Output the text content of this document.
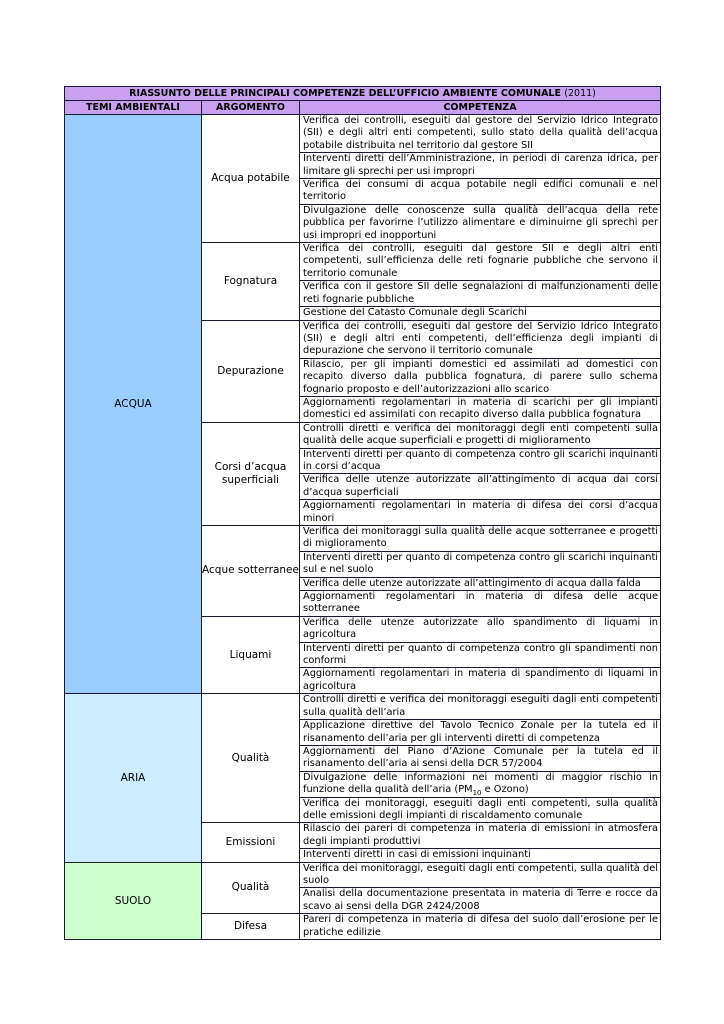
RIASSUNTO DELLE PRINCIPALI COMPETENZE DELL’UFFICIO AMBIENTE COMUNALE (2011)		
TEMI AMBIENTALI	ARGOMENTO	COMPETENZA
ACQUA	Acqua potabile	Verifica dei controlli, eseguiti dal gestore del Servizio Idrico Integrato (SII) e degli altri enti competenti, sullo stato della qualità dell’acqua potabile distribuita nel territorio dal gestore SII
		Interventi diretti dell’Amministrazione, in periodi di carenza idrica, per limitare gli sprechi per usi impropri
		Verifica dei consumi di acqua potabile negli edifici comunali e nel territorio
		Divulgazione delle conoscenze sulla qualità dell’acqua della rete pubblica per favorirne l’utilizzo alimentare e diminuirne gli sprechi per usi impropri ed inopportuni
	Fognatura	Verifica dei controlli, eseguiti dal gestore SII e degli altri enti competenti, sull’efficienza delle reti fognarie pubbliche che servono il territorio comunale
		Verifica con il gestore SII delle segnalazioni di malfunzionamenti delle reti fognarie pubbliche
		Gestione del Catasto Comunale degli Scarichi
	Depurazione	Verifica dei controlli, eseguiti dal gestore del Servizio Idrico Integrato (SII) e degli altri enti competenti, dell’efficienza degli impianti di depurazione che servono il territorio comunale
		Rilascio, per gli impianti domestici ed assimilati ad domestici con recapito diverso dalla pubblica fognatura, di parere sullo schema fognario proposto e dell’autorizzazioni allo scarico
		Aggiornamenti regolamentari in materia di scarichi per gli impianti domestici ed assimilati con recapito diverso dalla pubblica fognatura
	Corsi d’acqua superficiali	Controlli diretti e verifica dei monitoraggi degli enti competenti sulla qualità delle acque superficiali e progetti di miglioramento
		Interventi diretti per quanto di competenza contro gli scarichi inquinanti in corsi d’acqua
		Verifica delle utenze autorizzate all’attingimento di acqua dai corsi d’acqua superficiali
		Aggiornamenti regolamentari in materia di difesa dei corsi d’acqua minori
	Acque sotterranee	Verifica dei monitoraggi sulla qualità delle acque sotterranee e progetti di miglioramento
		Interventi diretti per quanto di competenza contro gli scarichi inquinanti sul e nel suolo
		Verifica delle utenze autorizzate all’attingimento di acqua dalla falda
		Aggiornamenti regolamentari in materia di difesa delle acque sotterranee
	Liquami	Verifica delle utenze autorizzate allo spandimento di liquami in agricoltura
		Interventi diretti per quanto di competenza contro gli spandimenti non conformi
		Aggiornamenti regolamentari in materia di spandimento di liquami in agricoltura
ARIA	Qualità	Controlli diretti e verifica dei monitoraggi eseguiti dagli enti competenti sulla qualità dell’aria
		Applicazione direttive del Tavolo Tecnico Zonale per la tutela ed il risanamento dell’aria per gli interventi diretti di competenza
		Aggiornamenti del Piano d’Azione Comunale per la tutela ed il risanamento dell’aria ai sensi della DCR 57/2004
		Divulgazione delle informazioni nei momenti di maggior rischio in funzione della qualità dell’aria ($PM_{10}$ e Ozono)
		Verifica dei monitoraggi, eseguiti dagli enti competenti, sulla qualità delle emissioni degli impianti di riscaldamento comunale
	Emissioni	Rilascio dei pareri di competenza in materia di emissioni in atmosfera degli impianti produttivi
		Interventi diretti in casi di emissioni inquinanti
SUOLO	Qualità	Verifica dei monitoraggi, eseguiti dagli enti competenti, sulla qualità del suolo
		Analisi della documentazione presentata in materia di Terre e rocce da scavo ai sensi della DGR 2424/2008
	Difesa	Pareri di competenza in materia di difesa del suolo dall’erosione per le pratiche edilizie
